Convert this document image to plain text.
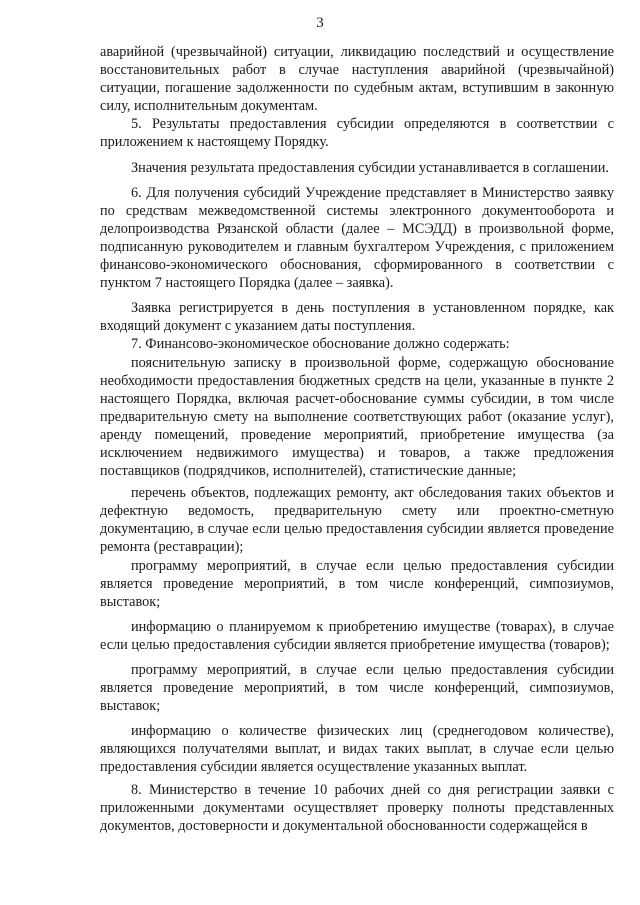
3

аварийной (чрезвычайной) ситуации, ликвидацию последствий и осуществление восстановительных работ в случае наступления аварийной (чрезвычайной) ситуации, погашение задолженности по судебным актам, вступившим в законную силу, исполнительным документам.

5. Результаты предоставления субсидии определяются в соответствии с приложением к настоящему Порядку.

Значения результата предоставления субсидии устанавливается в соглашении.

6. Для получения субсидий Учреждение представляет в Министерство заявку по средствам межведомственной системы электронного документооборота и делопроизводства Рязанской области (далее – МСЭДД) в произвольной форме, подписанную руководителем и главным бухгалтером Учреждения, с приложением финансово-экономического обоснования, сформированного в соответствии с пунктом 7 настоящего Порядка (далее – заявка).

Заявка регистрируется в день поступления в установленном порядке, как входящий документ с указанием даты поступления.

7. Финансово-экономическое обоснование должно содержать:

пояснительную записку в произвольной форме, содержащую обоснование необходимости предоставления бюджетных средств на цели, указанные в пункте 2 настоящего Порядка, включая расчет-обоснование суммы субсидии, в том числе предварительную смету на выполнение соответствующих работ (оказание услуг), аренду помещений, проведение мероприятий, приобретение имущества (за исключением недвижимого имущества) и товаров, а также предложения поставщиков (подрядчиков, исполнителей), статистические данные;

перечень объектов, подлежащих ремонту, акт обследования таких объектов и дефектную ведомость, предварительную смету или проектно-сметную документацию, в случае если целью предоставления субсидии является проведение ремонта (реставрации);

программу мероприятий, в случае если целью предоставления субсидии является проведение мероприятий, в том числе конференций, симпозиумов, выставок;

информацию о планируемом к приобретению имуществе (товарах), в случае если целью предоставления субсидии является приобретение имущества (товаров);

программу мероприятий, в случае если целью предоставления субсидии является проведение мероприятий, в том числе конференций, симпозиумов, выставок;

информацию о количестве физических лиц (среднегодовом количестве), являющихся получателями выплат, и видах таких выплат, в случае если целью предоставления субсидии является осуществление указанных выплат.

8. Министерство в течение 10 рабочих дней со дня регистрации заявки с приложенными документами осуществляет проверку полноты представленных документов, достоверности и документальной обоснованности содержащейся в
